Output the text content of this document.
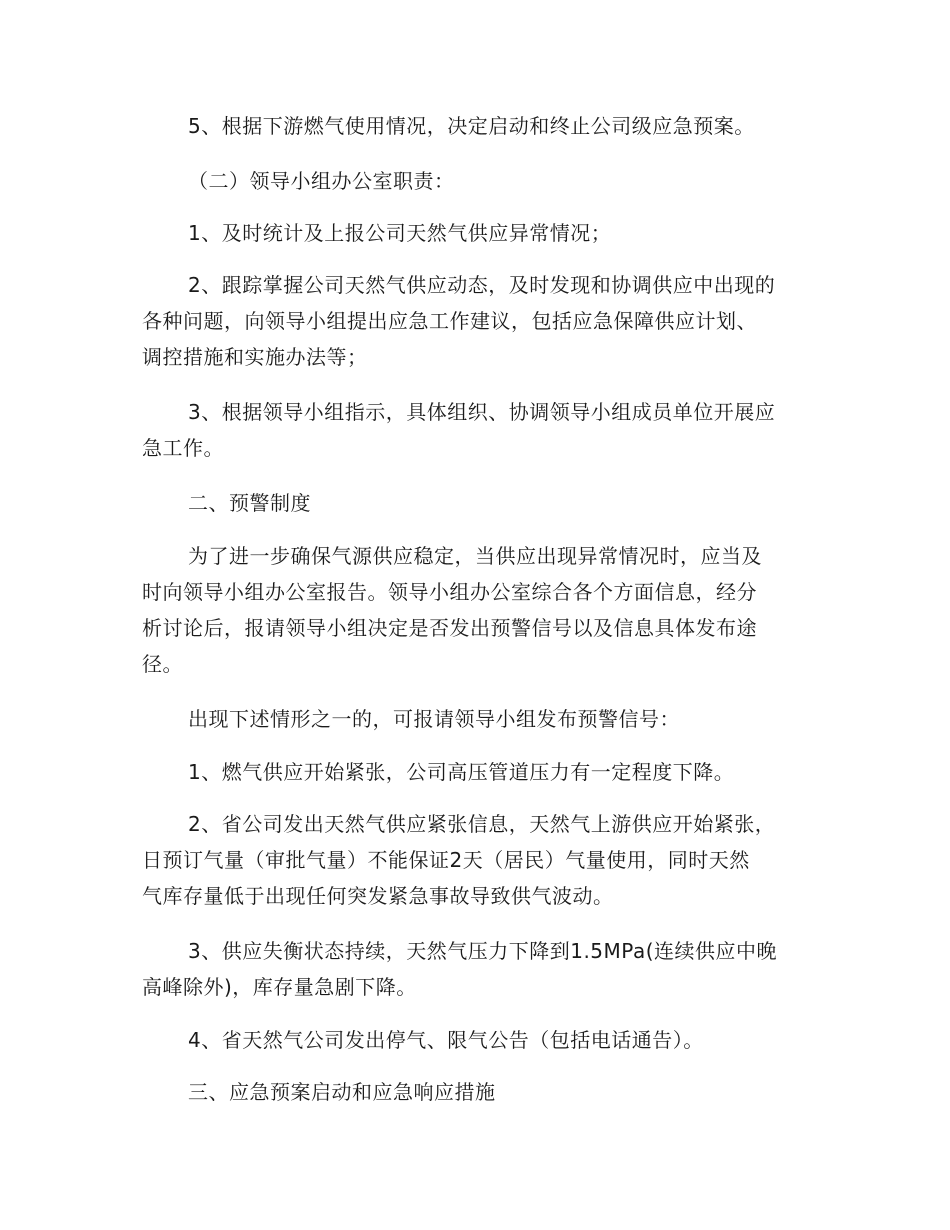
5、根据下游燃气使用情况，决定启动和终止公司级应急预案。
（二）领导小组办公室职责：
1、及时统计及上报公司天然气供应异常情况；
2、跟踪掌握公司天然气供应动态，及时发现和协调供应中出现的
各种问题，向领导小组提出应急工作建议，包括应急保障供应计划、
调控措施和实施办法等；
3、根据领导小组指示，具体组织、协调领导小组成员单位开展应
急工作。
二、预警制度
为了进一步确保气源供应稳定，当供应出现异常情况时，应当及
时向领导小组办公室报告。领导小组办公室综合各个方面信息，经分
析讨论后，报请领导小组决定是否发出预警信号以及信息具体发布途
径。
出现下述情形之一的，可报请领导小组发布预警信号：
1、燃气供应开始紧张，公司高压管道压力有一定程度下降。
2、省公司发出天然气供应紧张信息，天然气上游供应开始紧张，
日预订气量（审批气量）不能保证2天（居民）气量使用，同时天然
气库存量低于出现任何突发紧急事故导致供气波动。
3、供应失衡状态持续，天然气压力下降到1.5MPa(连续供应中晚
高峰除外)，库存量急剧下降。
4、省天然气公司发出停气、限气公告（包括电话通告）。
三、应急预案启动和应急响应措施
